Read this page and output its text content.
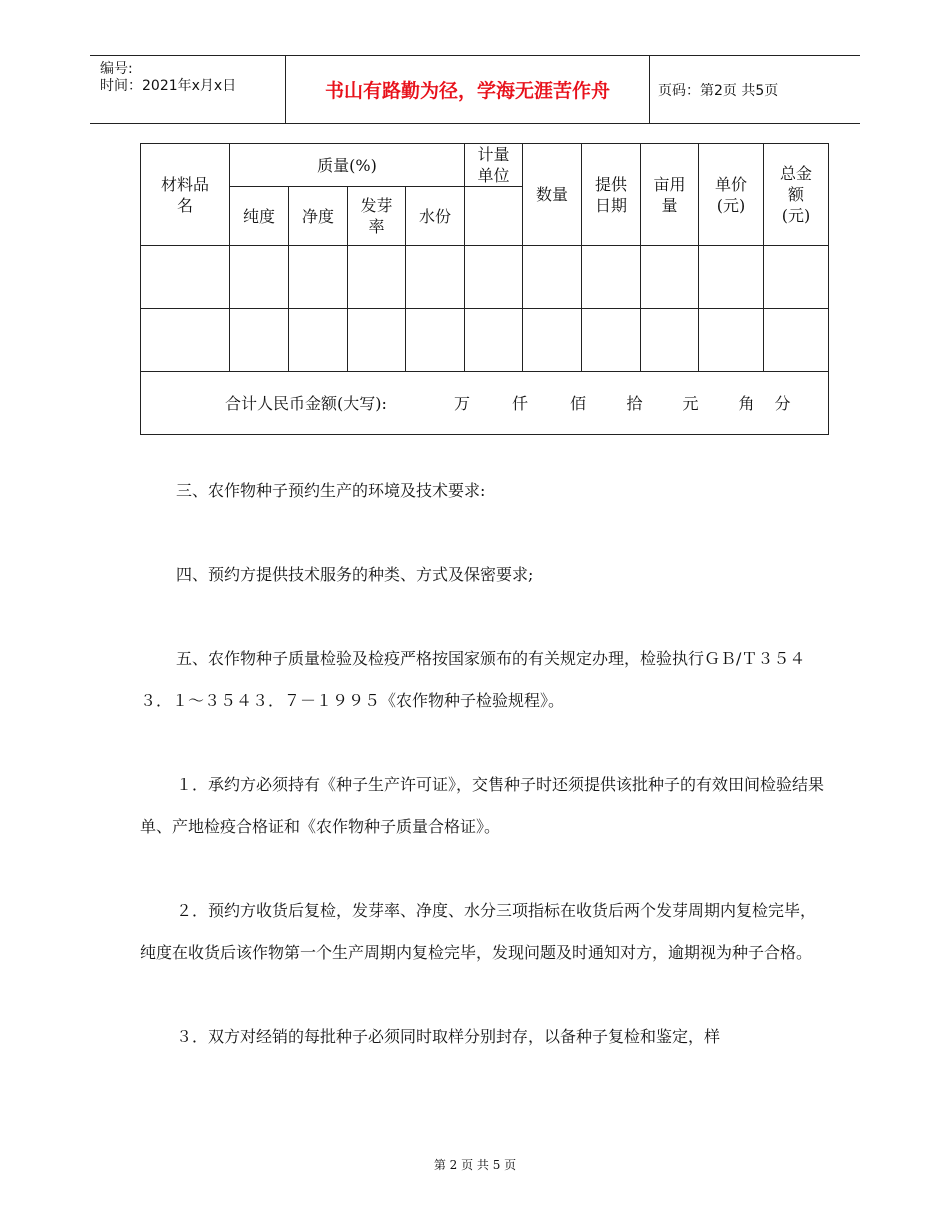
编号:
时间：2021年x月x日	书山有路勤为径，学海无涯苦作舟	页码：第2页 共5页
材料品名	质量(%)				计量单位	数量	提供日期	亩用量	单价(元)	总金额(元)

	纯度	净度	发芽率	水份						

合计人民币金额(大写): 万 仟 佰 拾 元 角 分										

三、农作物种子预约生产的环境及技术要求:

四、预约方提供技术服务的种类、方式及保密要求;

五、农作物种子质量检验及检疫严格按国家颁布的有关规定办理，检验执行ＧＢ/Ｔ３５４３．１～３５４３．７－１９９５《农作物种子检验规程》。

１．承约方必须持有《种子生产许可证》，交售种子时还须提供该批种子的有效田间检验结果单、产地检疫合格证和《农作物种子质量合格证》。

２．预约方收货后复检，发芽率、净度、水分三项指标在收货后两个发芽周期内复检完毕，纯度在收货后该作物第一个生产周期内复检完毕，发现问题及时通知对方，逾期视为种子合格。

３．双方对经销的每批种子必须同时取样分别封存，以备种子复检和鉴定，样

第 2 页 共 5 页
